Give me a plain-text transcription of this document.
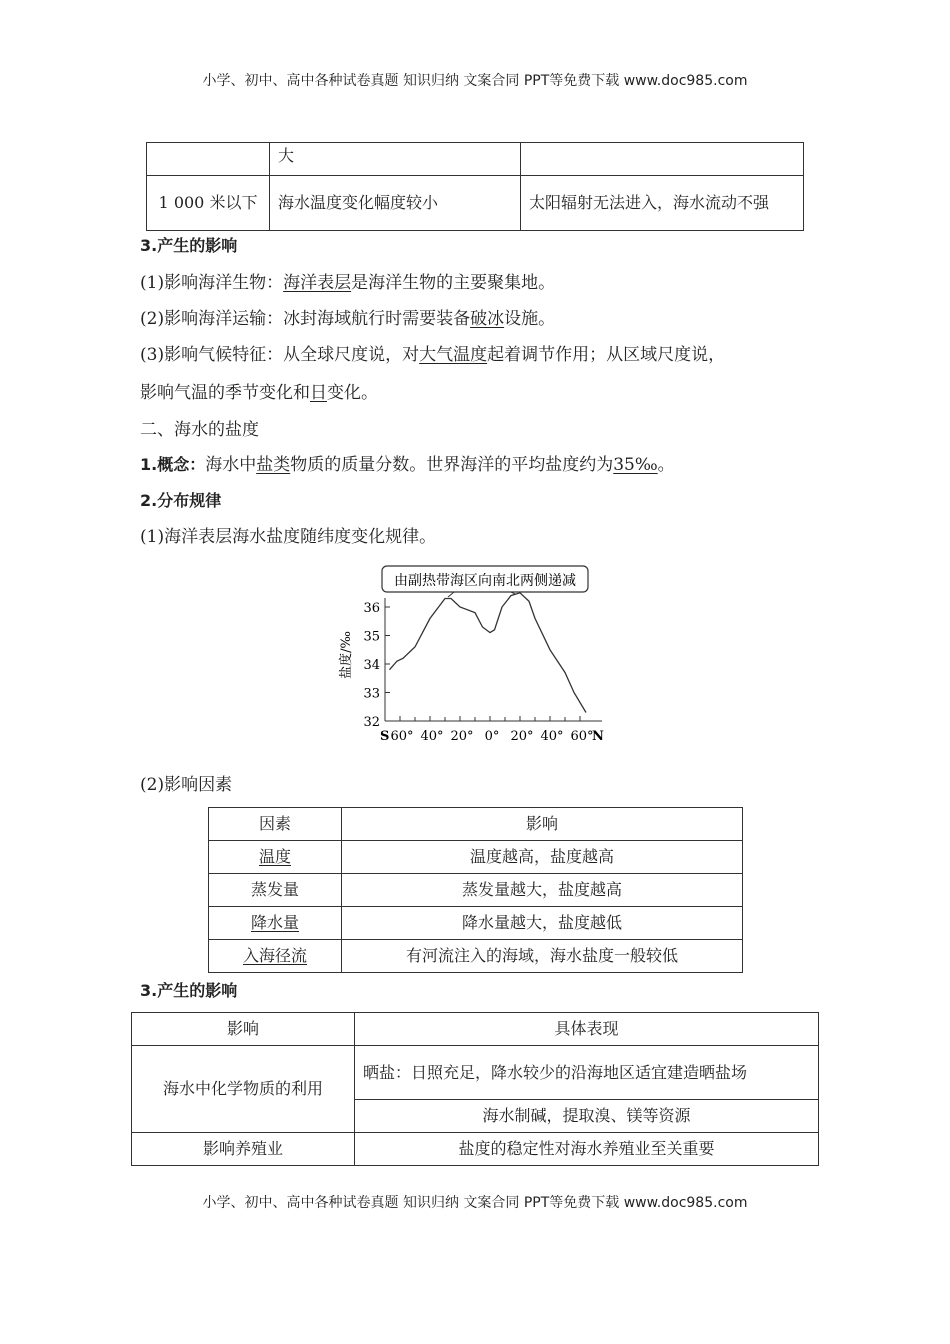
小学、初中、高中各种试卷真题 知识归纳 文案合同 PPT等免费下载 www.doc985.com
	大	
1 000 米以下	海水温度变化幅度较小	太阳辐射无法进入，海水流动不强
3.产生的影响
(1)影响海洋生物：海洋表层是海洋生物的主要聚集地。
(2)影响海洋运输：冰封海域航行时需要装备破冰设施。
(3)影响气候特征：从全球尺度说，对大气温度起着调节作用；从区域尺度说，
影响气温的季节变化和日变化。
二、海水的盐度
1.概念：海水中盐类物质的质量分数。世界海洋的平均盐度约为35‰。
2.分布规律
(1)海洋表层海水盐度随纬度变化规律。
由副热带海区向南北两侧递减
盐度/‰
S	N
32
33
34
35
36
60° 40° 20° 0° 20° 40° 60°
(2)影响因素
因素	影响
温度	温度越高，盐度越高
蒸发量	蒸发量越大，盐度越高
降水量	降水量越大，盐度越低
入海径流	有河流注入的海域，海水盐度一般较低
3.产生的影响
影响	具体表现
海水中化学物质的利用	晒盐：日照充足，降水较少的沿海地区适宜建造晒盐场
	海水制碱，提取溴、镁等资源
影响养殖业	盐度的稳定性对海水养殖业至关重要
小学、初中、高中各种试卷真题 知识归纳 文案合同 PPT等免费下载 www.doc985.com
